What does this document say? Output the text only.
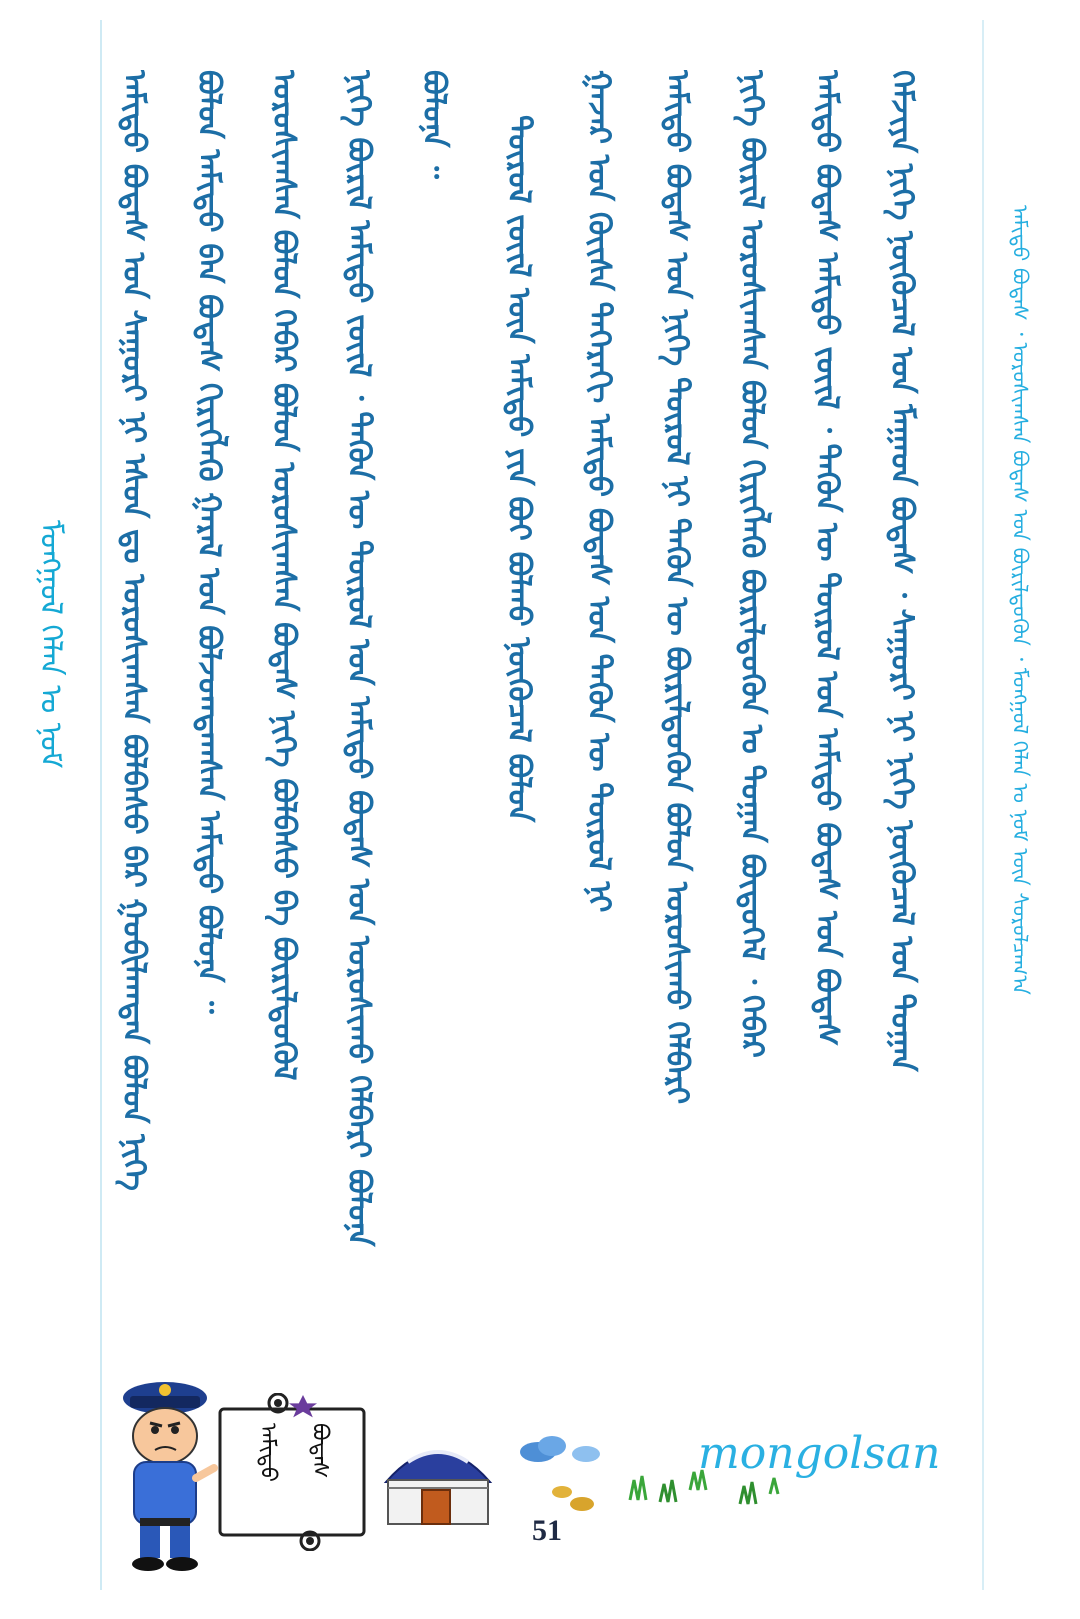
ᠮᠣᠩᠭᠣᠯ ᠬᠡᠯᠡᠨ ᠤ ᠨᠣᠮ ᠠᠮᠢᠳᠤ ᠪᠣᠳᠠᠰ ᠤᠨ ᠰᠠᠭᠤᠷᠢ ᠨᠢ ᠡᠰᠦᠨ ᠳᠤ ᠣᠷᠣᠰᠢᠭᠰᠠᠨ ᠪᠣᠯᠪᠠᠰᠤ ᠪᠠᠷ ᠭᠤᠪᠢᠯᠠᠭᠳᠠᠨ ᠪᠣᠯᠣᠨ ᠨᠢᠭᠡ	ᠪᠣᠯᠣᠨ ᠠᠮᠢᠳᠤ ᠪᠠᠨ ᠪᠣᠳᠠᠰ ᠬᠢᠷᠢᠭᠯᠡᠭᠦ ᠭᠠᠷᠠᠯ ᠤᠨ ᠪᠣᠯᠵᠣᠭᠳᠠᠭᠰᠠᠨ ᠠᠮᠢᠳᠤ ᠪᠣᠯᠤᠨᠠ ᠃	ᠣᠷᠣᠰᠢᠭᠰᠠᠨ ᠪᠣᠯᠣᠨ ᠬᠡᠪᠡᠷ ᠪᠣᠯᠣᠨ ᠣᠷᠣᠰᠢᠭᠰᠠᠨ ᠪᠣᠳᠠᠰ ᠨᠢᠭᠡ ᠪᠣᠯᠪᠠᠰᠤ ᠪᠠ ᠪᠦᠷᠢᠯᠳᠦᠭᠦᠯ	ᠨᠢᠭᠡ ᠪᠦᠷᠢᠯ ᠠᠮᠢᠳᠤ ᠵᠦᠢᠯ ᠂ ᠲᠡᠭᠦᠨ ᠦ ᠲᠦᠷᠦᠯ ᠤᠨ ᠠᠮᠢᠳᠤ ᠪᠣᠳᠠᠰ ᠤᠨ ᠣᠷᠣᠰᠢᠬᠤ ᠬᠡᠯᠪᠡᠷᠢ ᠪᠣᠯᠤᠨᠠ	ᠪᠣᠯᠤᠨᠠ ᠃	ᠲᠦᠷᠦᠯ ᠵᠦᠢᠯ ᠦᠨ ᠠᠮᠢᠳᠤ ᠶᠢᠨ ᠪᠤᠶ ᠪᠣᠯᠬᠤ ᠨᠥᠬᠦᠴᠡᠯ ᠪᠣᠯᠣᠨ	ᠭᠠᠵᠠᠷ ᠤᠨ ᠬᠦᠢᠰᠡ ᠳᠡᠭᠡᠷᠡᠬᠢ ᠠᠮᠢᠳᠤ ᠪᠣᠳᠠᠰ ᠤᠨ ᠲᠡᠭᠦᠨ ᠦ ᠲᠦᠷᠦᠯ ᠨᠢ	ᠠᠮᠢᠳᠤ ᠪᠣᠳᠠᠰ ᠤᠨ ᠨᠢᠭᠡ ᠲᠦᠷᠦᠯ ᠨᠢ ᠲᠡᠭᠦᠨ ᠦ ᠪᠦᠷᠢᠯᠳᠦᠭᠦᠨ ᠪᠣᠯᠣᠨ ᠣᠷᠣᠰᠢᠬᠤ ᠬᠡᠯᠪᠡᠷᠢ	ᠨᠢᠭᠡ ᠪᠦᠷᠢᠯ ᠣᠷᠣᠰᠢᠭᠰᠠᠨ ᠪᠣᠯᠣᠨ ᠬᠢᠷᠢᠭᠯᠡᠭᠦ ᠪᠦᠷᠢᠯᠳᠦᠭᠦᠨ ᠤ ᠲᠣᠭᠠᠨ ᠪᠦᠲᠦᠭᠡᠯ ᠂ ᠬᠡᠪᠡᠷ	ᠠᠮᠢᠳᠤ ᠪᠣᠳᠠᠰ ᠠᠮᠢᠳᠤ ᠵᠦᠢᠯ ᠂ ᠲᠡᠭᠦᠨ ᠦ ᠲᠦᠷᠦᠯ ᠤᠨ ᠠᠮᠢᠳᠤ ᠪᠣᠳᠠᠰ ᠤᠨ ᠪᠣᠳᠠᠰ	ᠬᠡᠮᠵᠢᠶᠡ ᠨᠢᠭᠡ ᠨᠥᠬᠦᠴᠡᠯ ᠤᠨ ᠮᠠᠭᠠᠳ ᠪᠣᠳᠠᠰ ᠂ ᠰᠠᠭᠤᠷᠢ ᠨᠢ ᠨᠢᠭᠡ ᠨᠥᠬᠦᠴᠡᠯ ᠤᠨ ᠲᠣᠭᠠᠨ	ᠠᠮᠢᠳᠤ ᠪᠣᠳᠠᠰ ᠂ ᠣᠷᠣᠰᠢᠭᠰᠠᠨ ᠪᠣᠳᠠᠰ ᠤᠨ ᠪᠦᠷᠢᠯᠳᠦᠭᠦᠨ ᠂ ᠮᠣᠩᠭᠣᠯ ᠬᠡᠯᠡᠨ ᠤ ᠨᠣᠮ ᠦᠨ ᠰᠤᠷᠤᠯᠴᠠᠭ᠎ᠠ
ᠠᠮᠢᠳᠤ	ᠪᠣᠳᠠᠰ
51
mongolsan
